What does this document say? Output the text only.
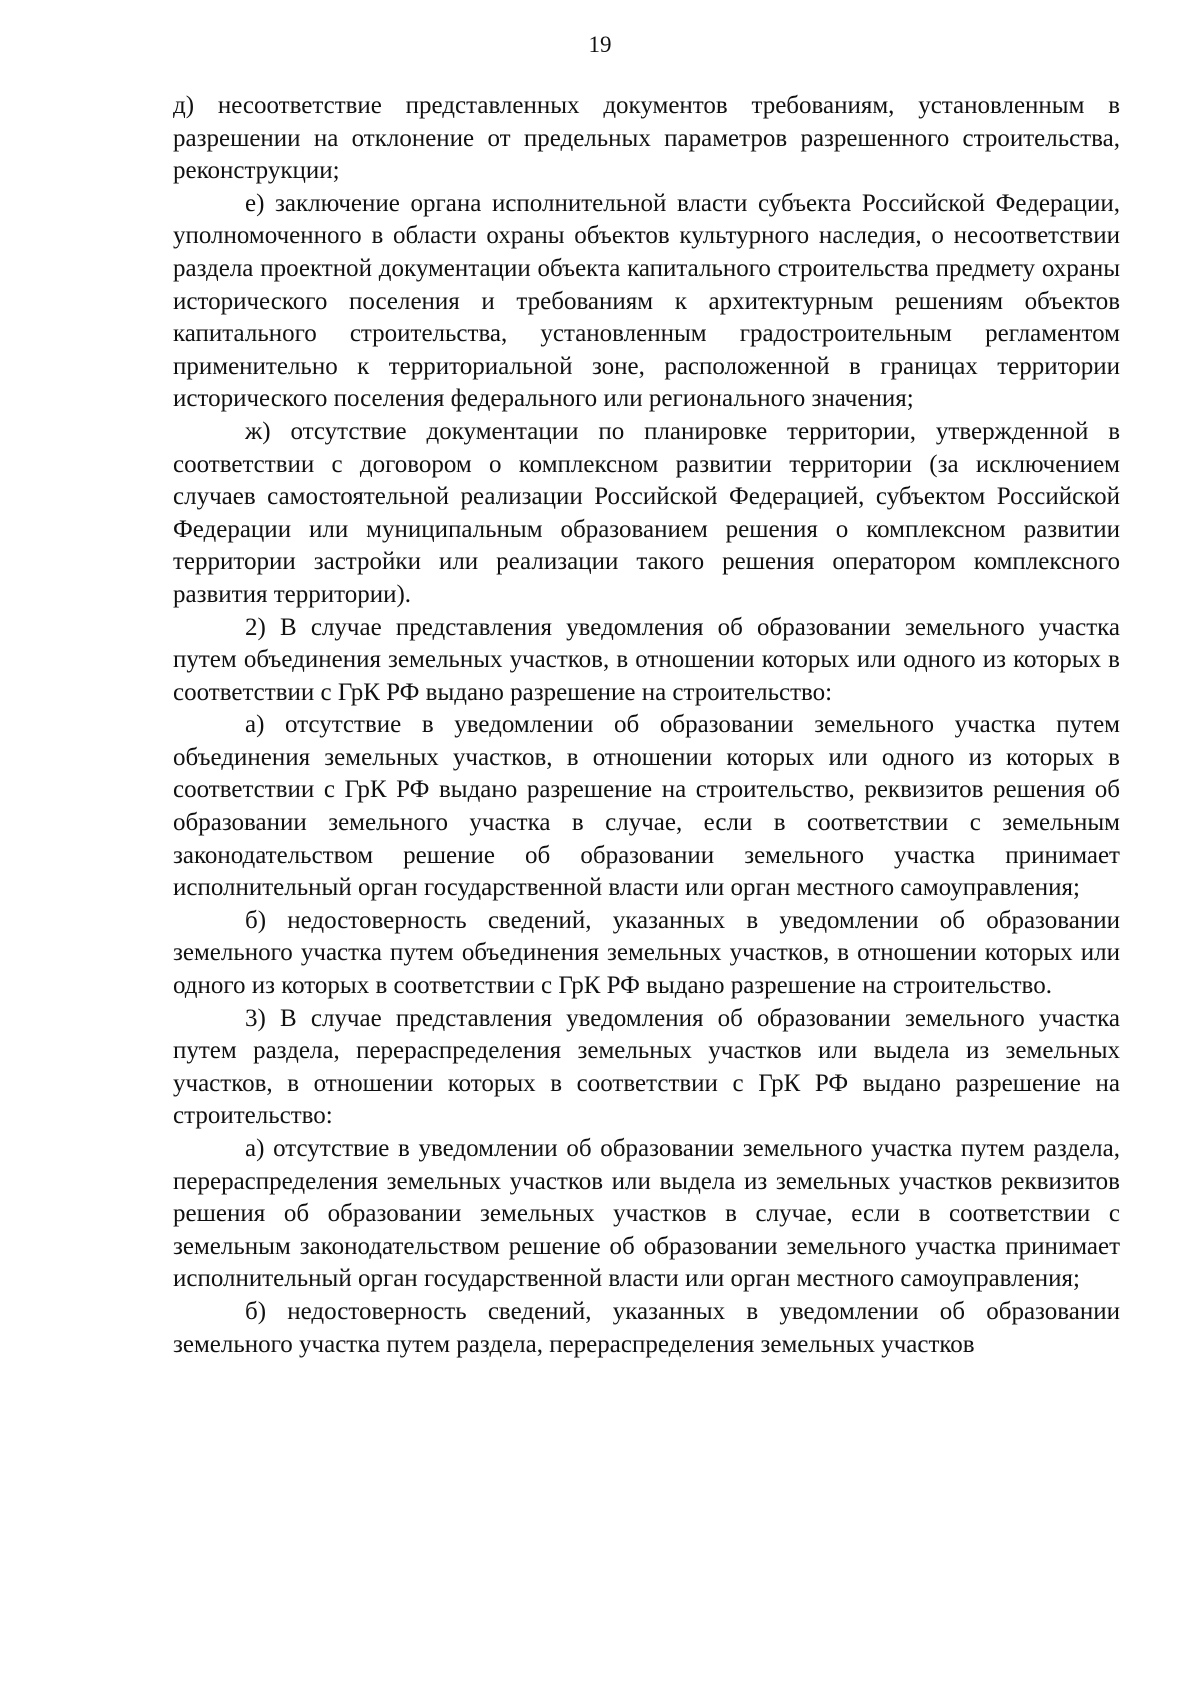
19

д) несоответствие представленных документов требованиям, установленным в разрешении на отклонение от предельных параметров разрешенного строительства, реконструкции;

е) заключение органа исполнительной власти субъекта Российской Федерации, уполномоченного в области охраны объектов культурного наследия, о несоответствии раздела проектной документации объекта капитального строительства предмету охраны исторического поселения и требованиям к архитектурным решениям объектов капитального строительства, установленным градостроительным регламентом применительно к территориальной зоне, расположенной в границах территории исторического поселения федерального или регионального значения;

ж) отсутствие документации по планировке территории, утвержденной в соответствии с договором о комплексном развитии территории (за исключением случаев самостоятельной реализации Российской Федерацией, субъектом Российской Федерации или муниципальным образованием решения о комплексном развитии территории застройки или реализации такого решения оператором комплексного развития территории).

2) В случае представления уведомления об образовании земельного участка путем объединения земельных участков, в отношении которых или одного из которых в соответствии с ГрК РФ выдано разрешение на строительство:

а) отсутствие в уведомлении об образовании земельного участка путем объединения земельных участков, в отношении которых или одного из которых в соответствии с ГрК РФ выдано разрешение на строительство, реквизитов решения об образовании земельного участка в случае, если в соответствии с земельным законодательством решение об образовании земельного участка принимает исполнительный орган государственной власти или орган местного самоуправления;

б) недостоверность сведений, указанных в уведомлении об образовании земельного участка путем объединения земельных участков, в отношении которых или одного из которых в соответствии с ГрК РФ выдано разрешение на строительство.

3) В случае представления уведомления об образовании земельного участка путем раздела, перераспределения земельных участков или выдела из земельных участков, в отношении которых в соответствии с ГрК РФ выдано разрешение на строительство:

а) отсутствие в уведомлении об образовании земельного участка путем раздела, перераспределения земельных участков или выдела из земельных участков реквизитов решения об образовании земельных участков в случае, если в соответствии с земельным законодательством решение об образовании земельного участка принимает исполнительный орган государственной власти или орган местного самоуправления;

б) недостоверность сведений, указанных в уведомлении об образовании земельного участка путем раздела, перераспределения земельных участков
